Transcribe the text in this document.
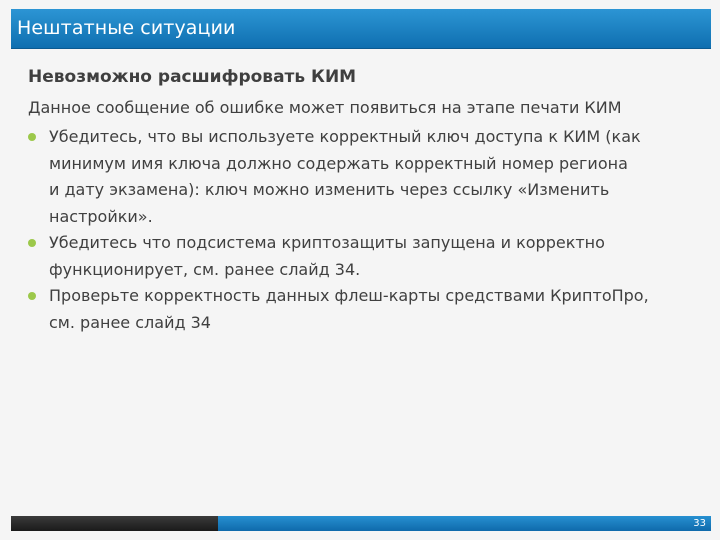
Нештатные ситуации
Невозможно расшифровать КИМ
Данное сообщение об ошибке может появиться на этапе печати КИМ
Убедитесь, что вы используете корректный ключ доступа к КИМ (как
минимум имя ключа должно содержать корректный номер региона
и дату экзамена): ключ можно изменить через ссылку «Изменить
настройки».
Убедитесь что подсистема криптозащиты запущена и корректно
функционирует, см. ранее слайд 34.
Проверьте корректность данных флеш-карты средствами КриптоПро,
см. ранее слайд 34
33
